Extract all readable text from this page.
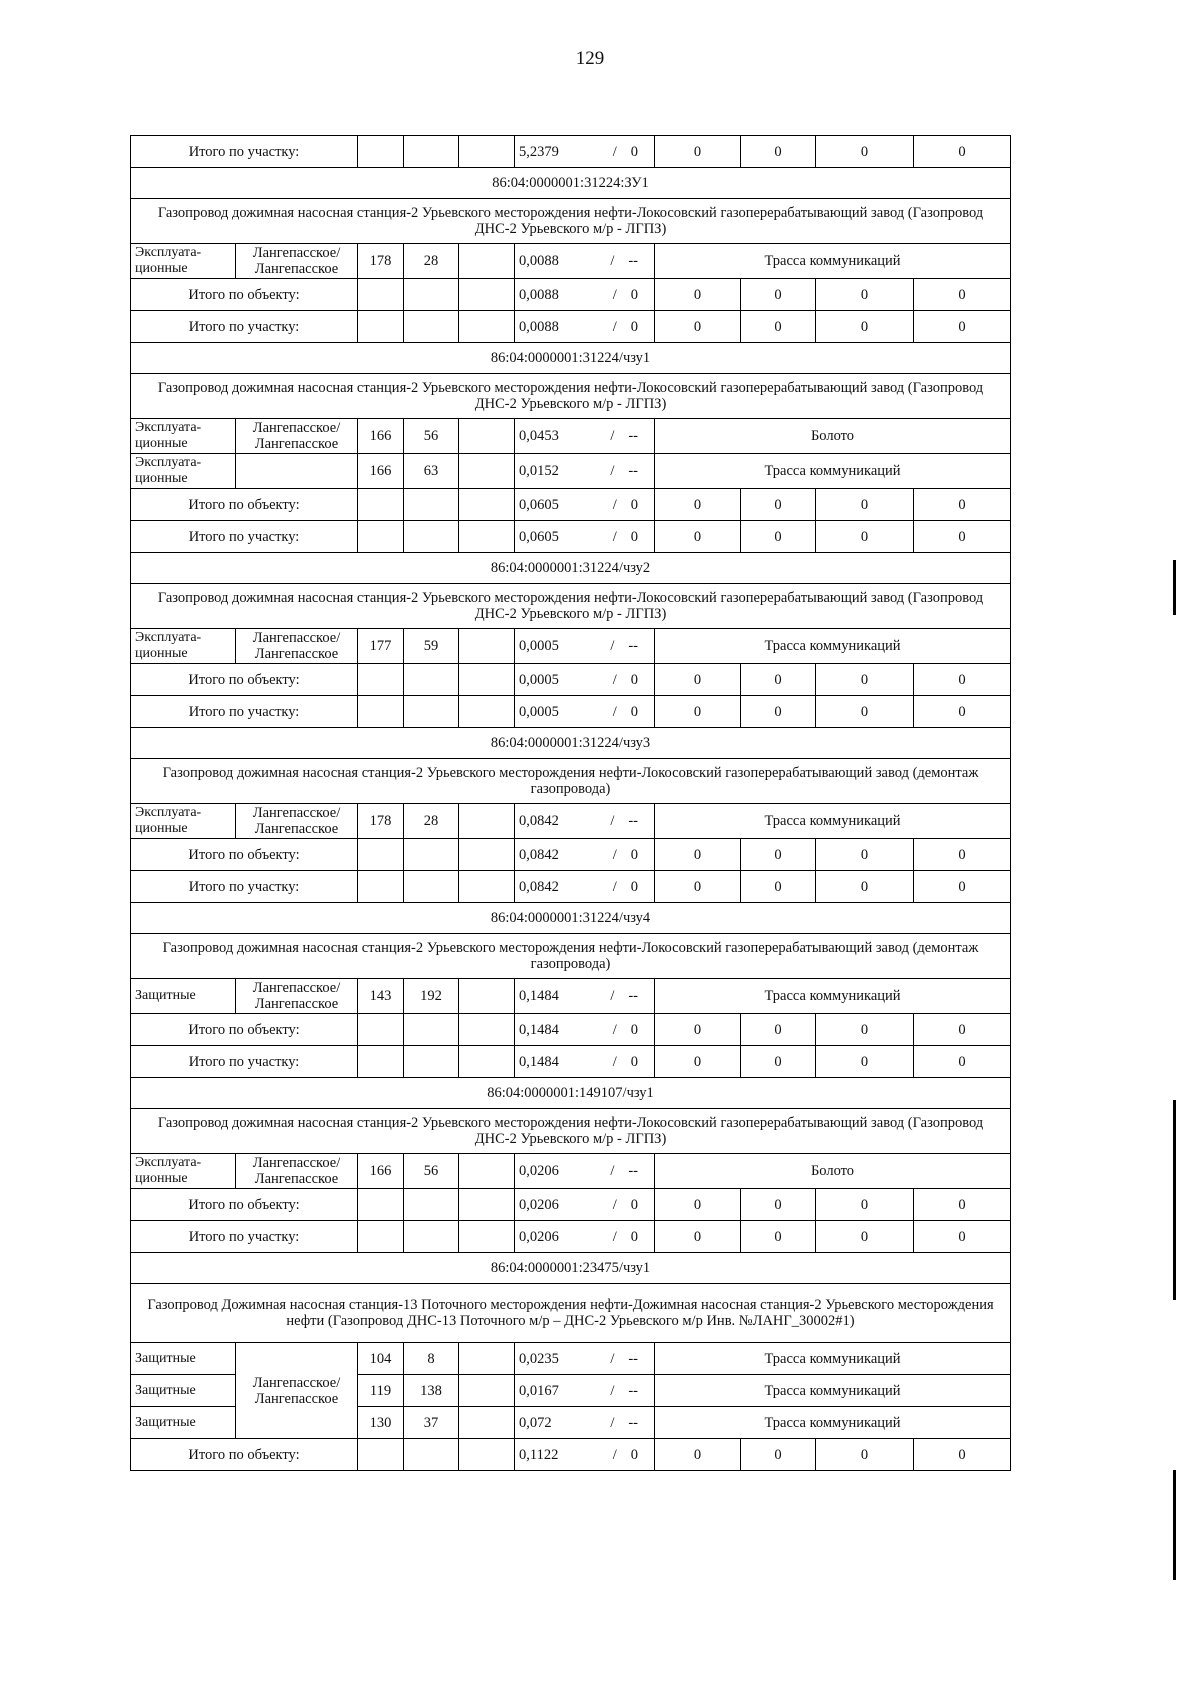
129
Итого по участку:					5,2379 / 0	0	0	0	0
86:04:0000001:31224:ЗУ1									
Газопровод дожимная насосная станция-2 Урьевского месторождения нефти-Локосовский газоперерабатывающий завод (Газопровод ДНС-2 Урьевского м/р - ЛГПЗ)									
Эксплуата- ционные	Лангепасское/ Лангепасское	178	28		0,0088 / --	Трасса коммуникаций			
Итого по объекту:					0,0088 / 0	0	0	0	0
Итого по участку:					0,0088 / 0	0	0	0	0
86:04:0000001:31224/чзу1									
Газопровод дожимная насосная станция-2 Урьевского месторождения нефти-Локосовский газоперерабатывающий завод (Газопровод ДНС-2 Урьевского м/р - ЛГПЗ)									
Эксплуата- ционные	Лангепасское/ Лангепасское	166	56		0,0453 / --	Болото			
Эксплуата- ционные		166	63		0,0152 / --	Трасса коммуникаций			
Итого по объекту:					0,0605 / 0	0	0	0	0
Итого по участку:					0,0605 / 0	0	0	0	0
86:04:0000001:31224/чзу2									
Газопровод дожимная насосная станция-2 Урьевского месторождения нефти-Локосовский газоперерабатывающий завод (Газопровод ДНС-2 Урьевского м/р - ЛГПЗ)									
Эксплуата- ционные	Лангепасское/ Лангепасское	177	59		0,0005 / --	Трасса коммуникаций			
Итого по объекту:					0,0005 / 0	0	0	0	0
Итого по участку:					0,0005 / 0	0	0	0	0
86:04:0000001:31224/чзу3									
Газопровод дожимная насосная станция-2 Урьевского месторождения нефти-Локосовский газоперерабатывающий завод (демонтаж газопровода)									
Эксплуата- ционные	Лангепасское/ Лангепасское	178	28		0,0842 / --	Трасса коммуникаций			
Итого по объекту:					0,0842 / 0	0	0	0	0
Итого по участку:					0,0842 / 0	0	0	0	0
86:04:0000001:31224/чзу4									
Газопровод дожимная насосная станция-2 Урьевского месторождения нефти-Локосовский газоперерабатывающий завод (демонтаж газопровода)									
Защитные	Лангепасское/ Лангепасское	143	192		0,1484 / --	Трасса коммуникаций			
Итого по объекту:					0,1484 / 0	0	0	0	0
Итого по участку:					0,1484 / 0	0	0	0	0
86:04:0000001:149107/чзу1									
Газопровод дожимная насосная станция-2 Урьевского месторождения нефти-Локосовский газоперерабатывающий завод (Газопровод ДНС-2 Урьевского м/р - ЛГПЗ)									
Эксплуата- ционные	Лангепасское/ Лангепасское	166	56		0,0206 / --	Болото			
Итого по объекту:					0,0206 / 0	0	0	0	0
Итого по участку:					0,0206 / 0	0	0	0	0
86:04:0000001:23475/чзу1									
Газопровод Дожимная насосная станция-13 Поточного месторождения нефти-Дожимная насосная станция-2 Урьевского месторождения нефти (Газопровод ДНС-13 Поточного м/р – ДНС-2 Урьевского м/р Инв. №ЛАНГ_30002#1)									
Защитные	Лангепасское/ Лангепасское	104	8		0,0235 / --	Трасса коммуникаций			
Защитные		119	138		0,0167 / --	Трасса коммуникаций			
Защитные		130	37		0,072 / --	Трасса коммуникаций			
Итого по объекту:					0,1122 / 0	0	0	0	0
